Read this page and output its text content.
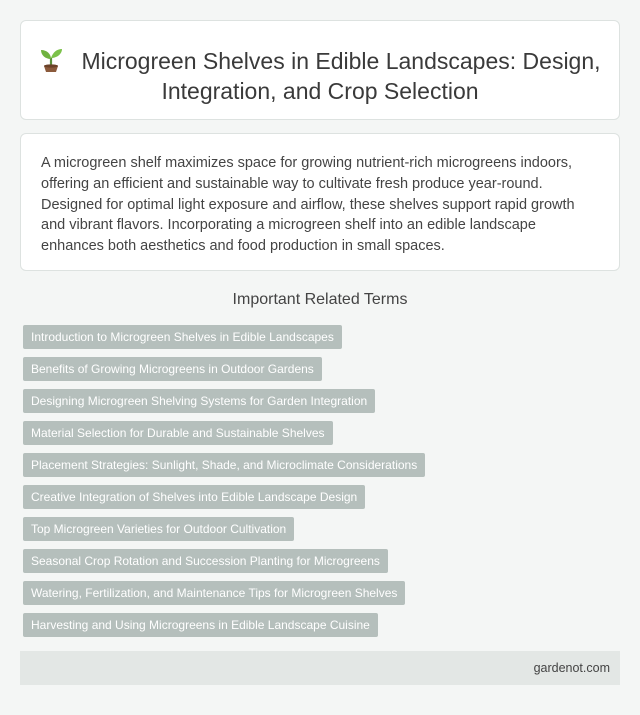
Microgreen Shelves in Edible Landscapes: Design, Integration, and Crop Selection

A microgreen shelf maximizes space for growing nutrient-rich microgreens indoors, offering an efficient and sustainable way to cultivate fresh produce year-round. Designed for optimal light exposure and airflow, these shelves support rapid growth and vibrant flavors. Incorporating a microgreen shelf into an edible landscape enhances both aesthetics and food production in small spaces.

Important Related Terms
Introduction to Microgreen Shelves in Edible Landscapes
Benefits of Growing Microgreens in Outdoor Gardens
Designing Microgreen Shelving Systems for Garden Integration
Material Selection for Durable and Sustainable Shelves
Placement Strategies: Sunlight, Shade, and Microclimate Considerations
Creative Integration of Shelves into Edible Landscape Design
Top Microgreen Varieties for Outdoor Cultivation
Seasonal Crop Rotation and Succession Planting for Microgreens
Watering, Fertilization, and Maintenance Tips for Microgreen Shelves
Harvesting and Using Microgreens in Edible Landscape Cuisine
gardenot.com
